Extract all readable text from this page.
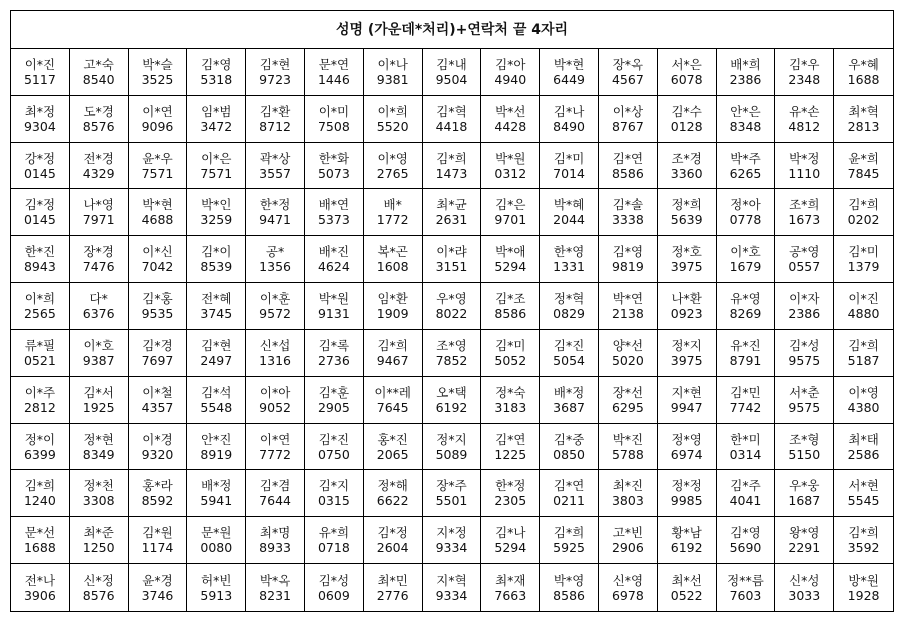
성명 (가운데*처리)+연락처 끝 4자리
이*진
5117
고*숙
8540
박*슬
3525
김*영
5318
김*현
9723
문*연
1446
이*나
9381
김*내
9504
김*아
4940
박*현
6449
장*옥
4567
서*은
6078
배*희
2386
김*우
2348
우*혜
1688
최*정
9304
도*경
8576
이*연
9096
임*범
3472
김*환
8712
이*미
7508
이*희
5520
김*혁
4418
박*선
4428
김*나
8490
이*상
8767
김*수
0128
안*은
8348
유*손
4812
최*혁
2813
강*정
0145
전*경
4329
윤*우
7571
이*은
7571
곽*상
3557
한*화
5073
이*영
2765
김*희
1473
박*원
0312
김*미
7014
김*연
8586
조*경
3360
박*주
6265
박*정
1110
윤*희
7845
김*정
0145
나*영
7971
박*현
4688
박*인
3259
한*정
9471
배*연
5373
배*
1772
최*균
2631
김*은
9701
박*혜
2044
김*솔
3338
정*희
5639
정*아
0778
조*희
1673
김*희
0202
한*진
8943
장*경
7476
이*신
7042
김*이
8539
공*
1356
배*진
4624
복*곤
1608
이*랴
3151
박*애
5294
한*영
1331
김*영
9819
정*호
3975
이*호
1679
공*영
0557
김*미
1379
이*희
2565
다*
6376
김*홍
9535
전*혜
3745
이*훈
9572
박*원
9131
임*환
1909
우*영
8022
김*조
8586
정*혁
0829
박*연
2138
나*환
0923
유*영
8269
이*자
2386
이*진
4880
류*필
0521
이*호
9387
김*경
7697
김*현
2497
신*섭
1316
김*록
2736
김*희
9467
조*영
7852
김*미
5052
김*진
5054
양*선
5020
정*지
3975
유*진
8791
김*성
9575
김*희
5187
이*주
2812
김*서
1925
이*철
4357
김*석
5548
이*아
9052
김*훈
2905
이**레
7645
오*택
6192
정*숙
3183
배*정
3687
장*선
6295
지*현
9947
김*민
7742
서*춘
9575
이*영
4380
정*이
6399
정*현
8349
이*경
9320
안*진
8919
이*연
7772
김*진
0750
홍*진
2065
정*지
5089
김*연
1225
김*중
0850
박*진
5788
정*영
6974
한*미
0314
조*형
5150
최*태
2586
김*희
1240
정*천
3308
홍*라
8592
배*정
5941
김*겸
7644
김*지
0315
정*해
6622
장*주
5501
한*정
2305
김*연
0211
최*진
3803
정*정
9985
김*주
4041
우*웅
1687
서*현
5545
문*선
1688
최*준
1250
김*원
1174
문*원
0080
최*명
8933
유*희
0718
김*정
2604
지*정
9334
김*나
5294
김*희
5925
고*빈
2906
황*남
6192
김*영
5690
왕*영
2291
김*희
3592
전*나
3906
신*정
8576
윤*경
3746
허*빈
5913
박*옥
8231
김*성
0609
최*민
2776
지*혁
9334
최*재
7663
박*영
8586
신*영
6978
최*선
0522
정**름
7603
신*성
3033
방*원
1928
